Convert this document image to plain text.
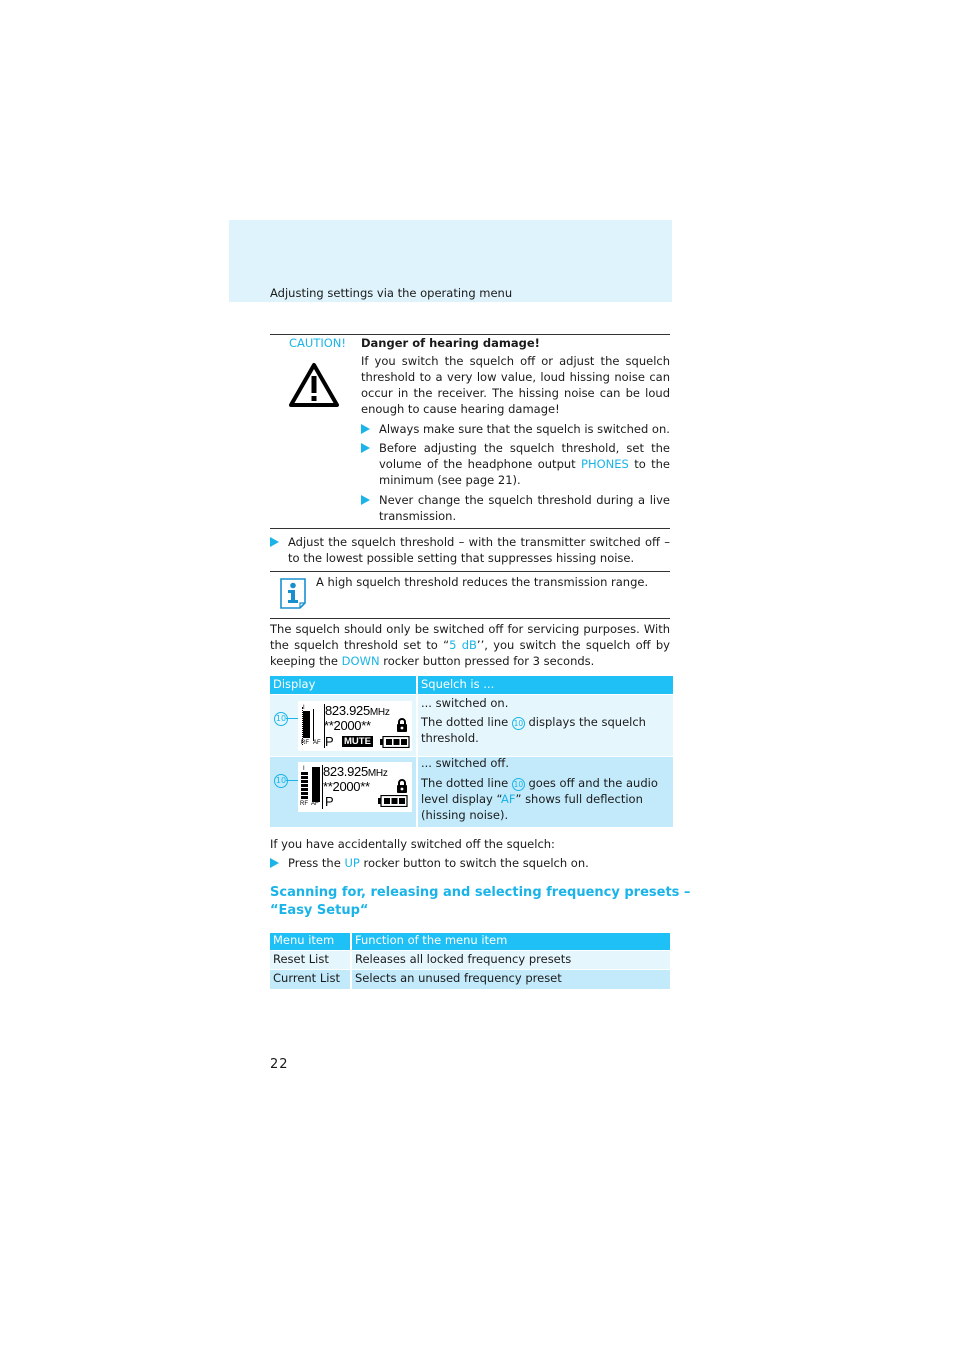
Adjusting settings via the operating menu
CAUTION! Danger of hearing damage!
If you switch the squelch off or adjust the squelch threshold to a very low value, loud hissing noise can occur in the receiver. The hissing noise can be loud enough to cause hearing damage!
Always make sure that the squelch is switched on.
Before adjusting the squelch threshold, set the volume of the headphone output PHONES to the minimum (see page 21).
Never change the squelch threshold during a live transmission.
Adjust the squelch threshold – with the transmitter switched off – to the lowest possible setting that suppresses hissing noise.
A high squelch threshold reduces the transmission range.
The squelch should only be switched off for servicing purposes. With the squelch threshold set to “5 dB’’, you switch the squelch off by keeping the DOWN rocker button pressed for 3 seconds.
Display	Squelch is ...
10
I
RF AF
823.925MHz
**2000**
P MUTE
... switched on.
The dotted line 10 displays the squelch threshold.
10
I
RF AF
823.925MHz
**2000**
P
... switched off.
The dotted line 10 goes off and the audio level display “AF” shows full deflection (hissing noise).
If you have accidentally switched off the squelch:
Press the UP rocker button to switch the squelch on.
Scanning for, releasing and selecting frequency presets –
“Easy Setup“
Menu item	Function of the menu item
Reset List Releases all locked frequency presets
Current List Selects an unused frequency preset
22
